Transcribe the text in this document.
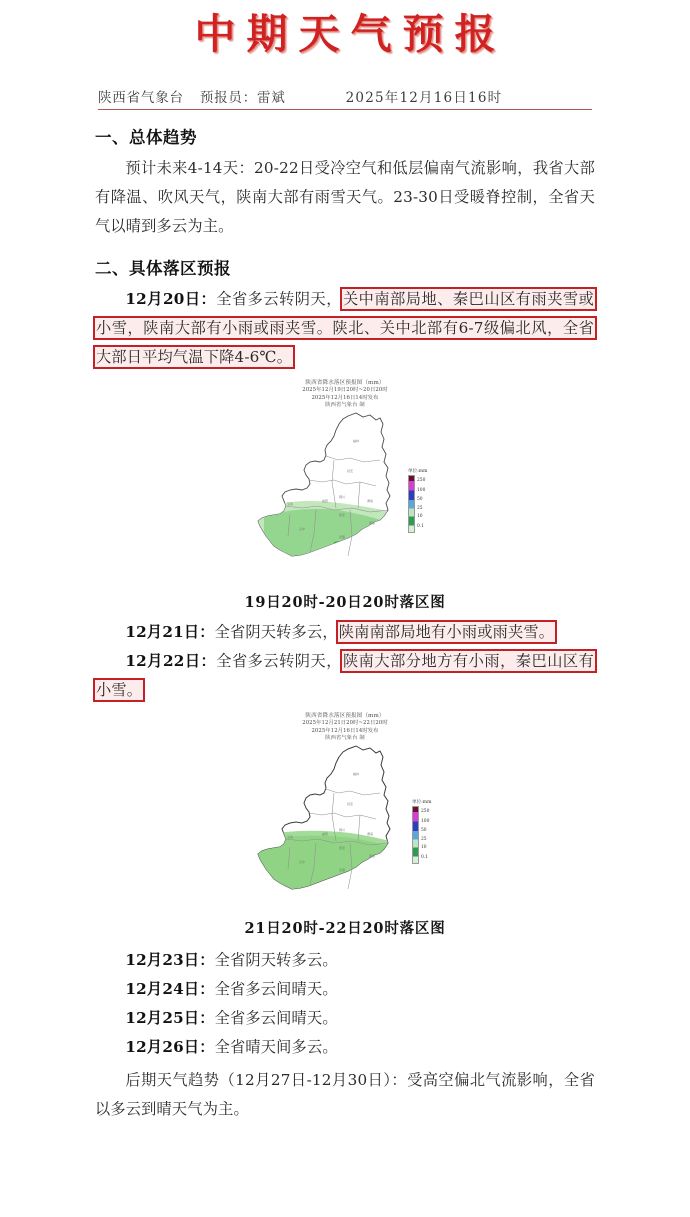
中期天气预报
陕西省气象台 预报员：雷斌	2025年12月16日16时
一、总体趋势

预计未来4-14天：20-22日受冷空气和低层偏南气流影响，我省大部有降温、吹风天气，陕南大部有雨雪天气。23-30日受暖脊控制，全省天气以晴到多云为主。

二、具体落区预报

12月20日：全省多云转阴天，关中南部局地、秦巴山区有雨夹雪或小雪，陕南大部有小雨或雨夹雪。陕北、关中北部有6-7级偏北风，全省大部日平均气温下降4-6℃。

陕西省降水落区预报图（mm）
2025年12月19日20时~20日20时
2025年12月16日14时发布
陕西省气象台 制
榆林
延安
铜川
渭南
咸阳
宝鸡
西安
汉中
安康
商洛
单位:mm
250
100
50
25
10
0.1
19日20时-20日20时落区图

12月21日：全省阴天转多云，陕南南部局地有小雨或雨夹雪。

12月22日：全省多云转阴天，陕南大部分地方有小雨，秦巴山区有小雪。

陕西省降水落区预报图（mm）
2025年12月21日20时~22日20时
2025年12月16日14时发布
陕西省气象台 制
榆林
延安
铜川
渭南
咸阳
宝鸡
西安
汉中
安康
商洛
单位:mm
250
100
50
25
10
0.1
21日20时-22日20时落区图

12月23日：全省阴天转多云。

12月24日：全省多云间晴天。

12月25日：全省多云间晴天。

12月26日：全省晴天间多云。

后期天气趋势（12月27日-12月30日）：受高空偏北气流影响，全省以多云到晴天气为主。
